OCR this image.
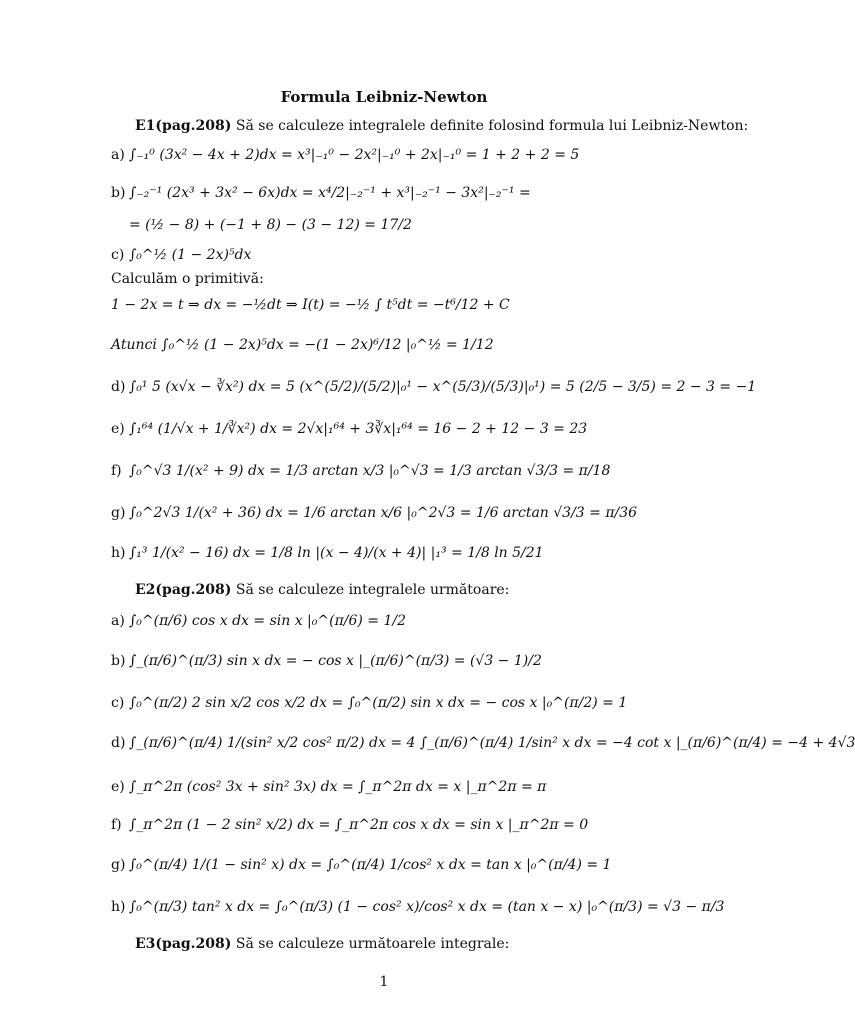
Formula Leibniz-Newton
E1(pag.208) Să se calculeze integralele definite folosind formula lui Leibniz-Newton:
a) ∫₋₁⁰ (3x² − 4x + 2)dx = x³|₋₁⁰ − 2x²|₋₁⁰ + 2x|₋₁⁰ = 1 + 2 + 2 = 5
b) ∫₋₂⁻¹ (2x³ + 3x² − 6x)dx = x⁴/2|₋₂⁻¹ + x³|₋₂⁻¹ − 3x²|₋₂⁻¹ =
= (½ − 8) + (−1 + 8) − (3 − 12) = 17/2
c) ∫₀^½ (1 − 2x)⁵dx
Calculăm o primitivă:
1 − 2x = t ⇒ dx = −½dt ⇒ I(t) = −½ ∫ t⁵dt = −t⁶/12 + C
Atunci ∫₀^½ (1 − 2x)⁵dx = −(1 − 2x)⁶/12 |₀^½ = 1/12
d) ∫₀¹ 5 (x√x − ∛x²) dx = 5 (x^(5/2)/(5/2)|₀¹ − x^(5/3)/(5/3)|₀¹) = 5 (2/5 − 3/5) = 2 − 3 = −1
e) ∫₁⁶⁴ (1/√x + 1/∛x²) dx = 2√x|₁⁶⁴ + 3∛x|₁⁶⁴ = 16 − 2 + 12 − 3 = 23
f) ∫₀^√3 1/(x² + 9) dx = 1/3 arctan x/3 |₀^√3 = 1/3 arctan √3/3 = π/18
g) ∫₀^2√3 1/(x² + 36) dx = 1/6 arctan x/6 |₀^2√3 = 1/6 arctan √3/3 = π/36
h) ∫₁³ 1/(x² − 16) dx = 1/8 ln |(x − 4)/(x + 4)| |₁³ = 1/8 ln 5/21
E2(pag.208) Să se calculeze integralele următoare:
a) ∫₀^(π/6) cos x dx = sin x |₀^(π/6) = 1/2
b) ∫_(π/6)^(π/3) sin x dx = − cos x |_(π/6)^(π/3) = (√3 − 1)/2
c) ∫₀^(π/2) 2 sin x/2 cos x/2 dx = ∫₀^(π/2) sin x dx = − cos x |₀^(π/2) = 1
d) ∫_(π/6)^(π/4) 1/(sin² x/2 cos² π/2) dx = 4 ∫_(π/6)^(π/4) 1/sin² x dx = −4 cot x |_(π/6)^(π/4) = −4 + 4√3
e) ∫_π^2π (cos² 3x + sin² 3x) dx = ∫_π^2π dx = x |_π^2π = π
f) ∫_π^2π (1 − 2 sin² x/2) dx = ∫_π^2π cos x dx = sin x |_π^2π = 0
g) ∫₀^(π/4) 1/(1 − sin² x) dx = ∫₀^(π/4) 1/cos² x dx = tan x |₀^(π/4) = 1
h) ∫₀^(π/3) tan² x dx = ∫₀^(π/3) (1 − cos² x)/cos² x dx = (tan x − x) |₀^(π/3) = √3 − π/3
E3(pag.208) Să se calculeze următoarele integrale:
1
